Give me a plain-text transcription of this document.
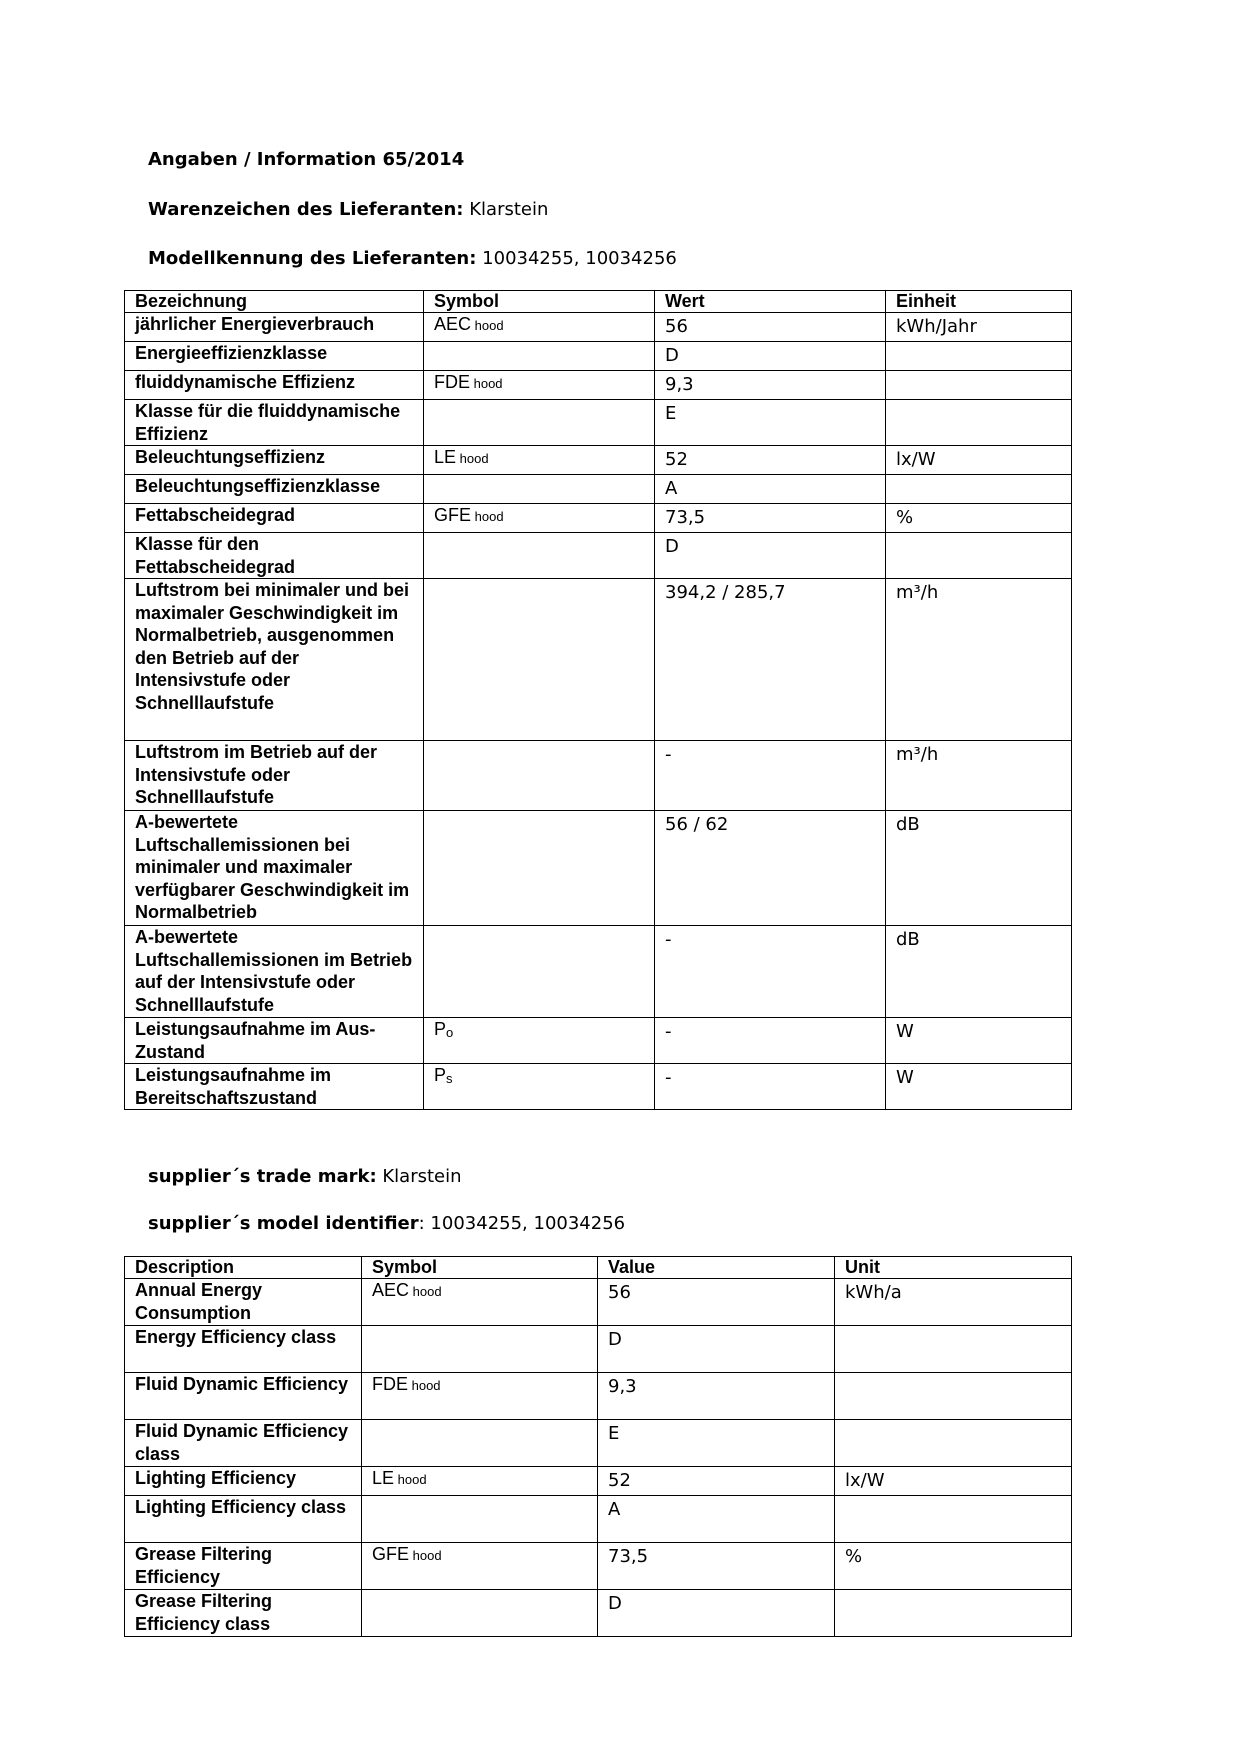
Angaben / Information 65/2014
Warenzeichen des Lieferanten: Klarstein
Modellkennung des Lieferanten: 10034255, 10034256
Bezeichnung	Symbol	Wert	Einheit
jährlicher Energieverbrauch	AEC hood	56	kWh/Jahr
Energieeffizienzklasse		D	
fluiddynamische Effizienz	FDE hood	9,3	
Klasse für die fluiddynamische Effizienz		E	
Beleuchtungseffizienz	LE hood	52	lx/W
Beleuchtungseffizienzklasse		A	
Fettabscheidegrad	GFE hood	73,5	%
Klasse für den Fettabscheidegrad		D	
Luftstrom bei minimaler und bei maximaler Geschwindigkeit im Normalbetrieb, ausgenommen den Betrieb auf der Intensivstufe oder Schnelllaufstufe		394,2 / 285,7	m³/h
Luftstrom im Betrieb auf der Intensivstufe oder Schnelllaufstufe		-	m³/h
A-bewertete Luftschallemissionen bei minimaler und maximaler verfügbarer Geschwindigkeit im Normalbetrieb		56 / 62	dB
A-bewertete Luftschallemissionen im Betrieb auf der Intensivstufe oder Schnelllaufstufe		-	dB
Leistungsaufnahme im Aus-Zustand	Po	-	W
Leistungsaufnahme im Bereitschaftszustand	Ps	-	W
supplier´s trade mark: Klarstein
supplier´s model identifier: 10034255, 10034256
Description	Symbol	Value	Unit
Annual Energy Consumption	AEC hood	56	kWh/a
Energy Efficiency class		D	
Fluid Dynamic Efficiency	FDE hood	9,3	
Fluid Dynamic Efficiency class		E	
Lighting Efficiency	LE hood	52	lx/W
Lighting Efficiency class		A	
Grease Filtering Efficiency	GFE hood	73,5	%
Grease Filtering Efficiency class		D	
